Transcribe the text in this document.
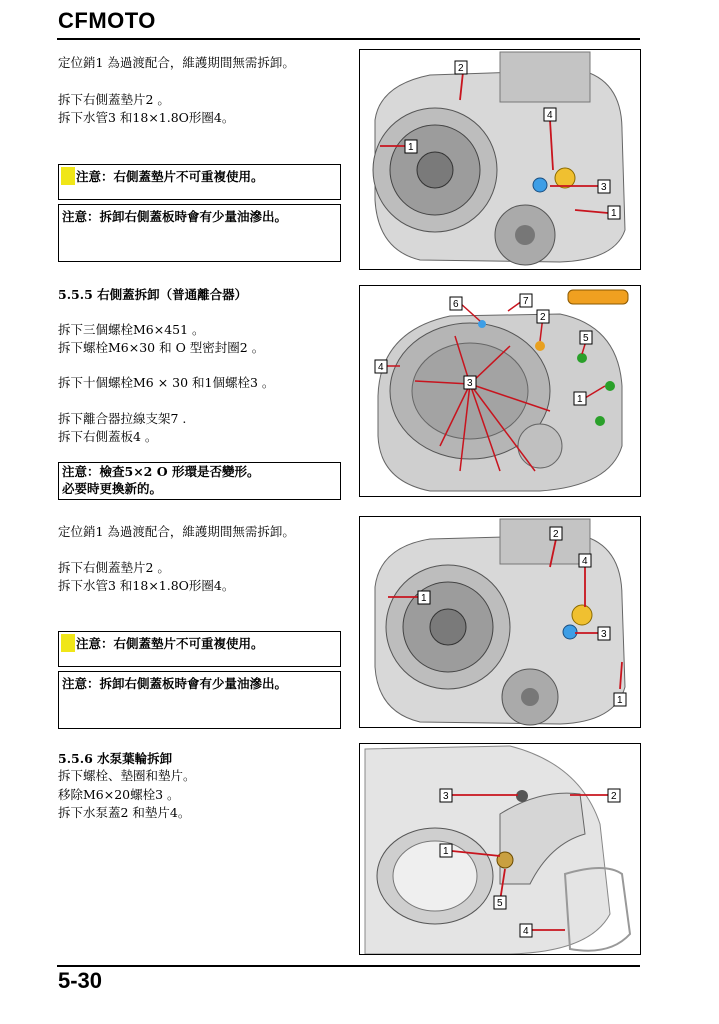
CFMOTO
定位銷1 為過渡配合，維護期間無需拆卸。
拆下右側蓋墊片2 。
拆下水管3 和18×1.8O形圈4。
注意：右側蓋墊片不可重複使用。
注意：拆卸右側蓋板時會有少量油滲出。
2
4
1
3
1
5.5.5 右側蓋拆卸（普通離合器）
拆下三個螺栓M6×451 。
拆下螺栓M6×30 和 O 型密封圈2 。
拆下十個螺栓M6 × 30 和1個螺栓3 。
拆下離合器拉線支架7 .
拆下右側蓋板4 。
注意：檢查5×2 O 形環是否變形。
必要時更換新的。
3
6	7
2
5
4
1
定位銷1 為過渡配合，維護期間無需拆卸。
拆下右側蓋墊片2 。
拆下水管3 和18×1.8O形圈4。
注意：右側蓋墊片不可重複使用。
注意：拆卸右側蓋板時會有少量油滲出。
2
4
1
3
1
5.5.6 水泵葉輪拆卸
拆下螺栓、墊圈和墊片。
移除M6×20螺栓3 。
拆下水泵蓋2 和墊片4。
3	2
1
5
4
5-30
